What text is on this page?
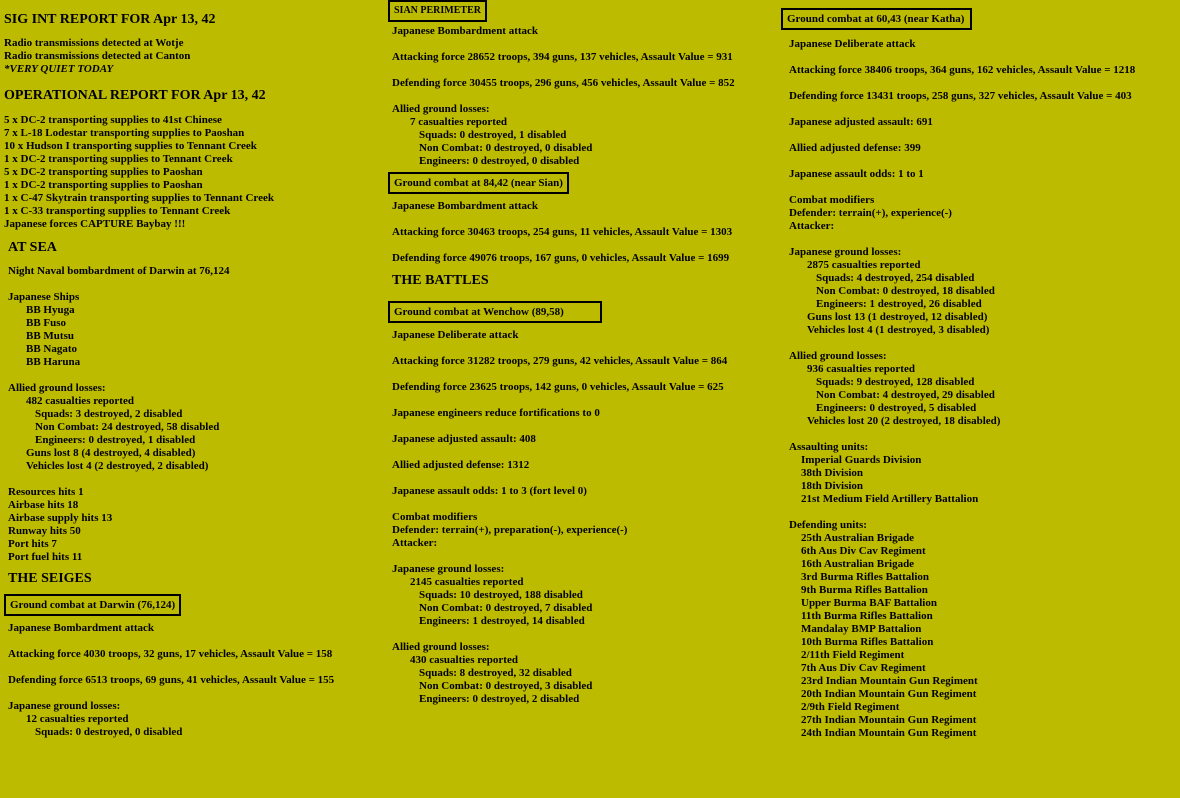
SIG INT REPORT FOR Apr 13, 42
Radio transmissions detected at Wotje
Radio transmissions detected at Canton
*VERY QUIET TODAY
OPERATIONAL REPORT FOR Apr 13, 42
5 x DC-2 transporting supplies to 41st Chinese
7 x L-18 Lodestar transporting supplies to Paoshan
10 x Hudson I transporting supplies to Tennant Creek
1 x DC-2 transporting supplies to Tennant Creek
5 x DC-2 transporting supplies to Paoshan
1 x DC-2 transporting supplies to Paoshan
1 x C-47 Skytrain transporting supplies to Tennant Creek
1 x C-33 transporting supplies to Tennant Creek
Japanese forces CAPTURE Baybay !!!
AT SEA
Night Naval bombardment of Darwin at 76,124
Japanese Ships
BB Hyuga
BB Fuso
BB Mutsu
BB Nagato
BB Haruna
Allied ground losses:
482 casualties reported
Squads: 3 destroyed, 2 disabled
Non Combat: 24 destroyed, 58 disabled
Engineers: 0 destroyed, 1 disabled
Guns lost 8 (4 destroyed, 4 disabled)
Vehicles lost 4 (2 destroyed, 2 disabled)
Resources hits 1
Airbase hits 18
Airbase supply hits 13
Runway hits 50
Port hits 7
Port fuel hits 11
THE SEIGES
Ground combat at Darwin (76,124)
Japanese Bombardment attack
Attacking force 4030 troops, 32 guns, 17 vehicles, Assault Value = 158
Defending force 6513 troops, 69 guns, 41 vehicles, Assault Value = 155
Japanese ground losses:
12 casualties reported
Squads: 0 destroyed, 0 disabled
SIAN PERIMETER
Japanese Bombardment attack
Attacking force 28652 troops, 394 guns, 137 vehicles, Assault Value = 931
Defending force 30455 troops, 296 guns, 456 vehicles, Assault Value = 852
Allied ground losses:
7 casualties reported
Squads: 0 destroyed, 1 disabled
Non Combat: 0 destroyed, 0 disabled
Engineers: 0 destroyed, 0 disabled
Ground combat at 84,42 (near Sian)
Japanese Bombardment attack
Attacking force 30463 troops, 254 guns, 11 vehicles, Assault Value = 1303
Defending force 49076 troops, 167 guns, 0 vehicles, Assault Value = 1699
THE BATTLES
Ground combat at Wenchow (89,58)
Japanese Deliberate attack
Attacking force 31282 troops, 279 guns, 42 vehicles, Assault Value = 864
Defending force 23625 troops, 142 guns, 0 vehicles, Assault Value = 625
Japanese engineers reduce fortifications to 0
Japanese adjusted assault: 408
Allied adjusted defense: 1312
Japanese assault odds: 1 to 3 (fort level 0)
Combat modifiers
Defender: terrain(+), preparation(-), experience(-)
Attacker:
Japanese ground losses:
2145 casualties reported
Squads: 10 destroyed, 188 disabled
Non Combat: 0 destroyed, 7 disabled
Engineers: 1 destroyed, 14 disabled
Allied ground losses:
430 casualties reported
Squads: 8 destroyed, 32 disabled
Non Combat: 0 destroyed, 3 disabled
Engineers: 0 destroyed, 2 disabled
Ground combat at 60,43 (near Katha)
Japanese Deliberate attack
Attacking force 38406 troops, 364 guns, 162 vehicles, Assault Value = 1218
Defending force 13431 troops, 258 guns, 327 vehicles, Assault Value = 403
Japanese adjusted assault: 691
Allied adjusted defense: 399
Japanese assault odds: 1 to 1
Combat modifiers
Defender: terrain(+), experience(-)
Attacker:
Japanese ground losses:
2875 casualties reported
Squads: 4 destroyed, 254 disabled
Non Combat: 0 destroyed, 18 disabled
Engineers: 1 destroyed, 26 disabled
Guns lost 13 (1 destroyed, 12 disabled)
Vehicles lost 4 (1 destroyed, 3 disabled)
Allied ground losses:
936 casualties reported
Squads: 9 destroyed, 128 disabled
Non Combat: 4 destroyed, 29 disabled
Engineers: 0 destroyed, 5 disabled
Vehicles lost 20 (2 destroyed, 18 disabled)
Assaulting units:
Imperial Guards Division
38th Division
18th Division
21st Medium Field Artillery Battalion
Defending units:
25th Australian Brigade
6th Aus Div Cav Regiment
16th Australian Brigade
3rd Burma Rifles Battalion
9th Burma Rifles Battalion
Upper Burma BAF Battalion
11th Burma Rifles Battalion
Mandalay BMP Battalion
10th Burma Rifles Battalion
2/11th Field Regiment
7th Aus Div Cav Regiment
23rd Indian Mountain Gun Regiment
20th Indian Mountain Gun Regiment
2/9th Field Regiment
27th Indian Mountain Gun Regiment
24th Indian Mountain Gun Regiment
